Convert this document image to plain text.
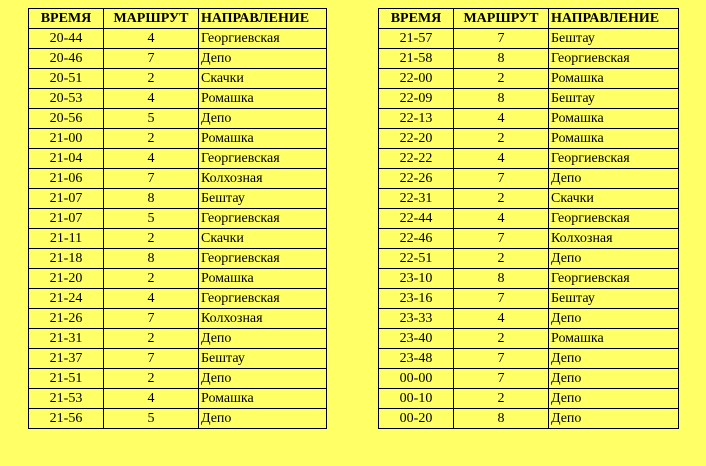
ВРЕМЯ	МАРШРУТ	НАПРАВЛЕНИЕ
20-44	4	Георгиевская
20-46	7	Депо
20-51	2	Скачки
20-53	4	Ромашка
20-56	5	Депо
21-00	2	Ромашка
21-04	4	Георгиевская
21-06	7	Колхозная
21-07	8	Бештау
21-07	5	Георгиевская
21-11	2	Скачки
21-18	8	Георгиевская
21-20	2	Ромашка
21-24	4	Георгиевская
21-26	7	Колхозная
21-31	2	Депо
21-37	7	Бештау
21-51	2	Депо
21-53	4	Ромашка
21-56	5	Депо
ВРЕМЯ	МАРШРУТ	НАПРАВЛЕНИЕ
21-57	7	Бештау
21-58	8	Георгиевская
22-00	2	Ромашка
22-09	8	Бештау
22-13	4	Ромашка
22-20	2	Ромашка
22-22	4	Георгиевская
22-26	7	Депо
22-31	2	Скачки
22-44	4	Георгиевская
22-46	7	Колхозная
22-51	2	Депо
23-10	8	Георгиевская
23-16	7	Бештау
23-33	4	Депо
23-40	2	Ромашка
23-48	7	Депо
00-00	7	Депо
00-10	2	Депо
00-20	8	Депо
